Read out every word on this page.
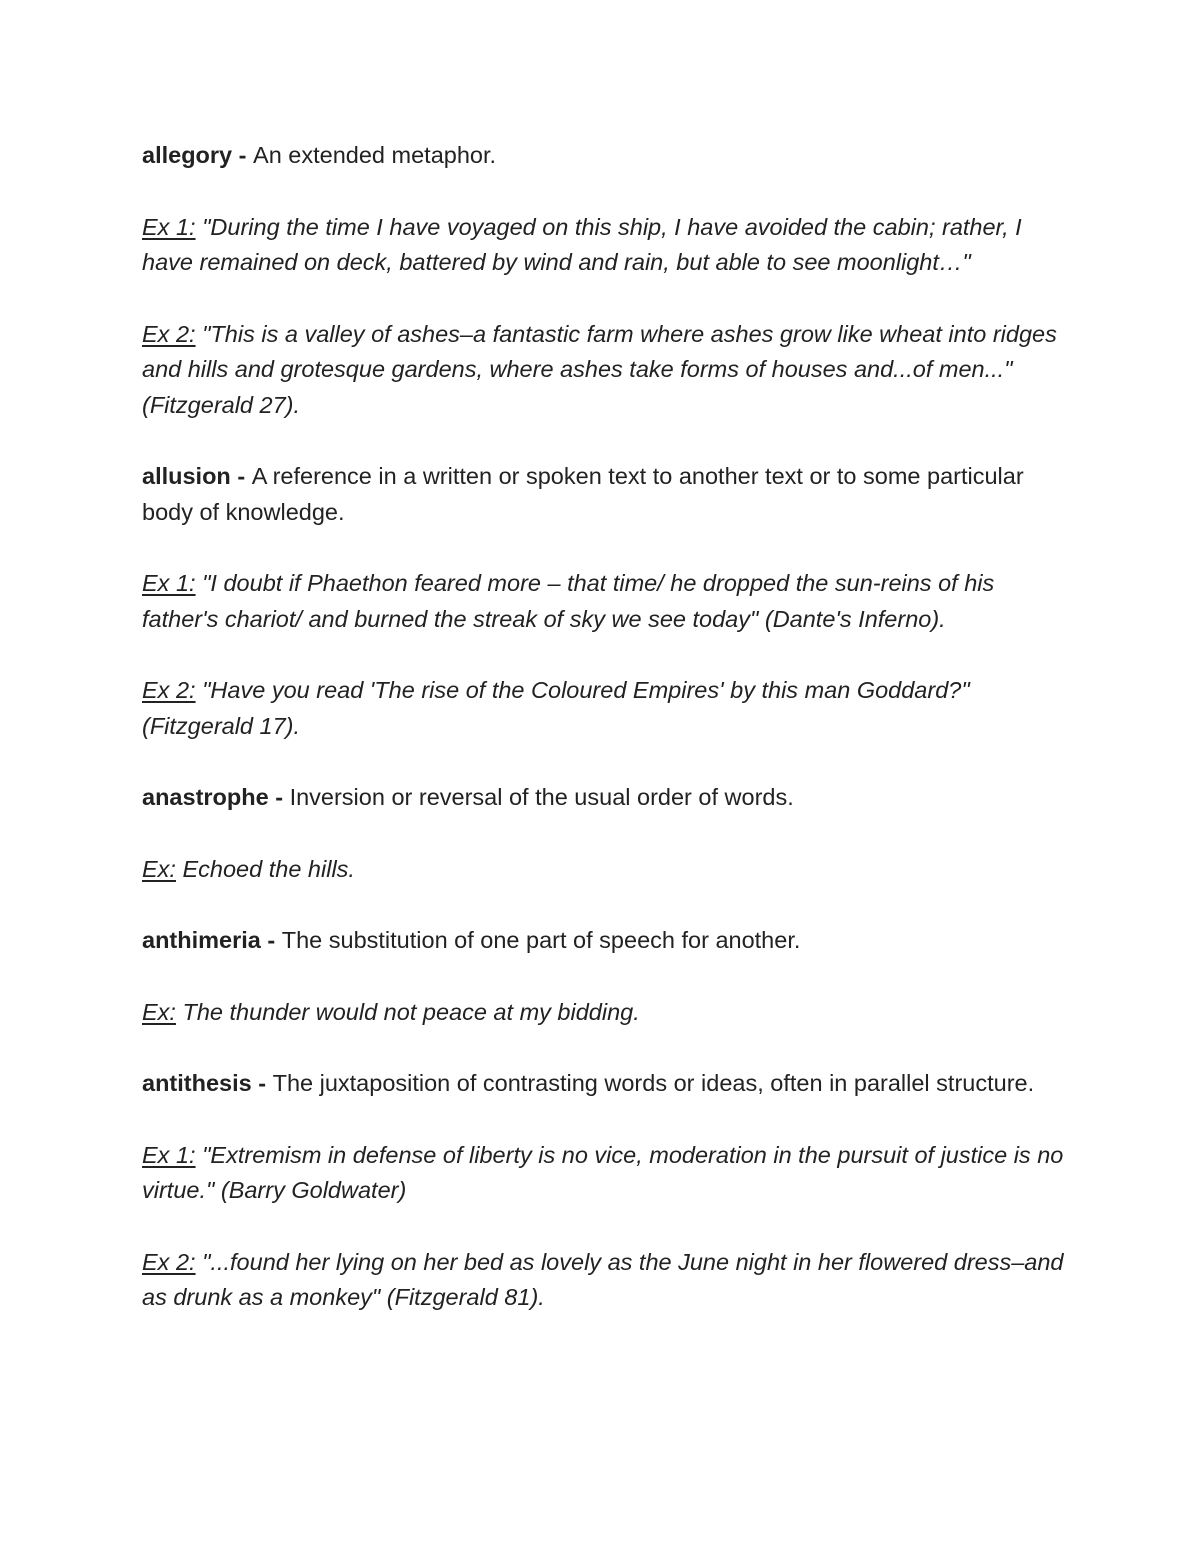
allegory - An extended metaphor.

Ex 1: "During the time I have voyaged on this ship, I have avoided the cabin; rather, I have remained on deck, battered by wind and rain, but able to see moonlight…"

Ex 2: "This is a valley of ashes–a fantastic farm where ashes grow like wheat into ridges and hills and grotesque gardens, where ashes take forms of houses and...of men..." (Fitzgerald 27).

allusion - A reference in a written or spoken text to another text or to some particular body of knowledge.

Ex 1: "I doubt if Phaethon feared more – that time/ he dropped the sun-reins of his father's chariot/ and burned the streak of sky we see today" (Dante's Inferno).

Ex 2: "Have you read 'The rise of the Coloured Empires' by this man Goddard?" (Fitzgerald 17).

anastrophe - Inversion or reversal of the usual order of words.

Ex: Echoed the hills.

anthimeria - The substitution of one part of speech for another.

Ex: The thunder would not peace at my bidding.

antithesis - The juxtaposition of contrasting words or ideas, often in parallel structure.

Ex 1: "Extremism in defense of liberty is no vice, moderation in the pursuit of justice is no virtue." (Barry Goldwater)

Ex 2: "...found her lying on her bed as lovely as the June night in her flowered dress–and as drunk as a monkey" (Fitzgerald 81).
